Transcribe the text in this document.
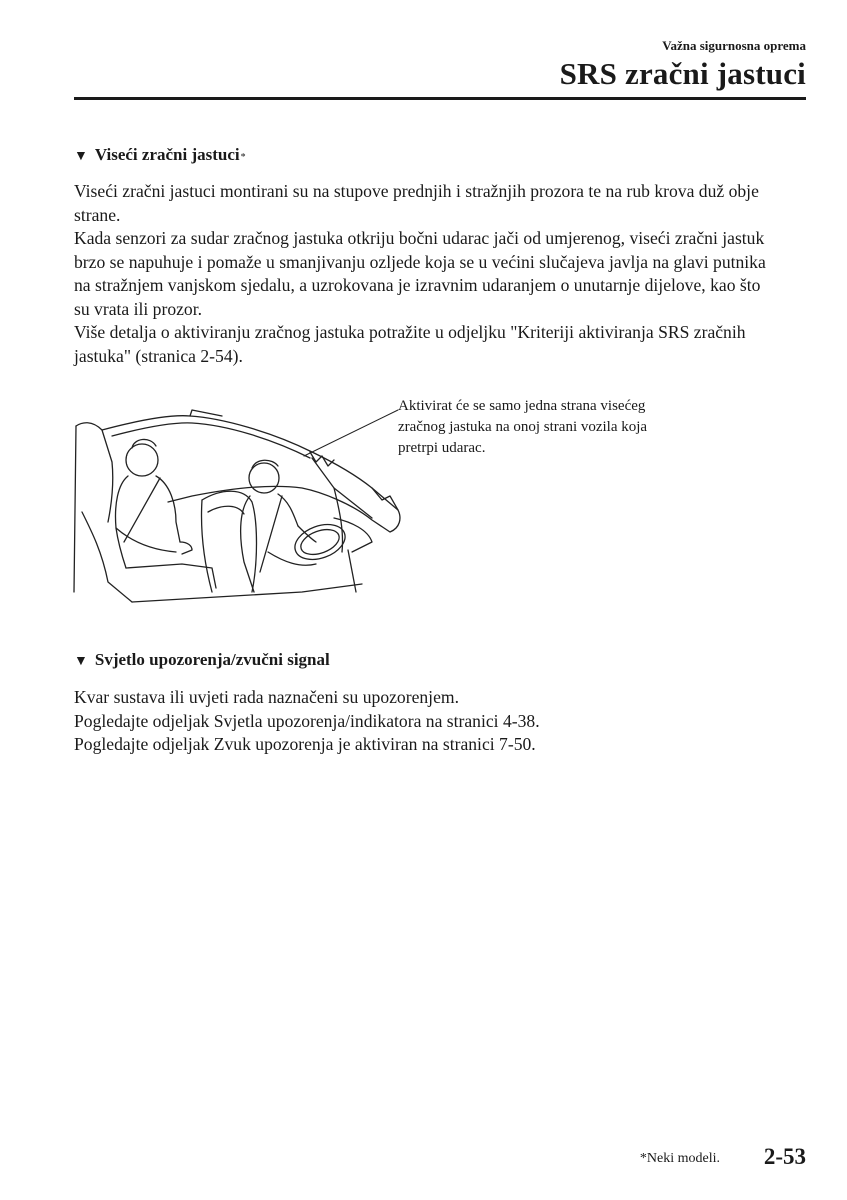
Važna sigurnosna oprema
SRS zračni jastuci
▼ Viseći zračni jastuci *

Viseći zračni jastuci montirani su na stupove prednjih i stražnjih prozora te na rub krova duž obje strane.

Kada senzori za sudar zračnog jastuka otkriju bočni udarac jači od umjerenog, viseći zračni jastuk brzo se napuhuje i pomaže u smanjivanju ozljede koja se u većini slučajeva javlja na glavi putnika na stražnjem vanjskom sjedalu, a uzrokovana je izravnim udaranjem o unutarnje dijelove, kao što su vrata ili prozor.

Više detalja o aktiviranju zračnog jastuka potražite u odjeljku "Kriteriji aktiviranja SRS zračnih jastuka" (stranica 2-54).

Aktivirat će se samo jedna strana visećeg
zračnog jastuka na onoj strani vozila koja
pretrpi udarac.
▼ Svjetlo upozorenja/zvučni signal

Kvar sustava ili uvjeti rada naznačeni su upozorenjem.

Pogledajte odjeljak Svjetla upozorenja/indikatora na stranici 4-38.

Pogledajte odjeljak Zvuk upozorenja je aktiviran na stranici 7-50.

*Neki modeli. 2-53
